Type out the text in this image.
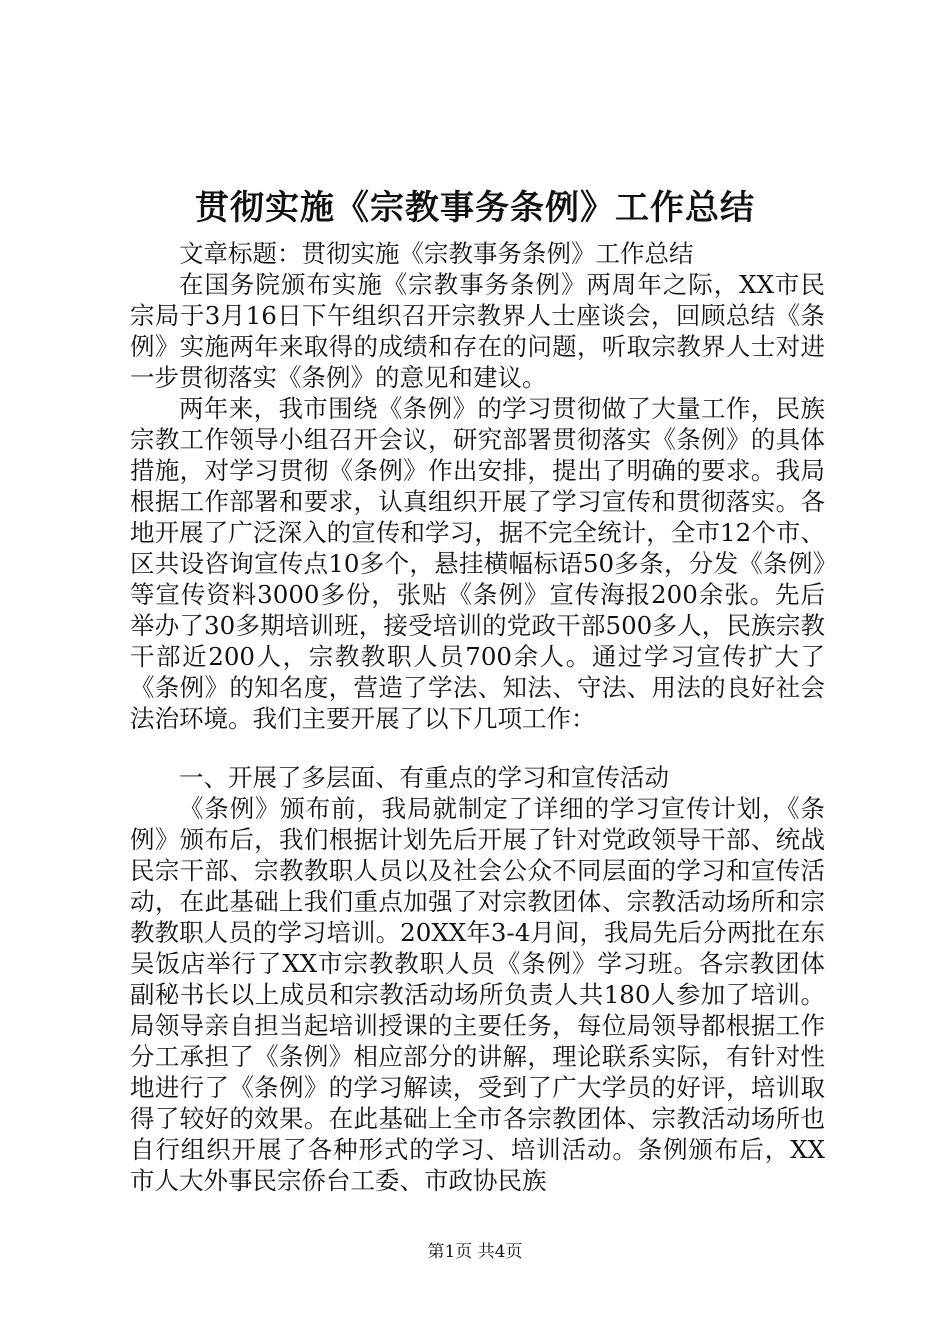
贯彻实施《宗教事务条例》工作总结

文章标题：贯彻实施《宗教事务条例》工作总结

在国务院颁布实施《宗教事务条例》两周年之际，XX市民宗局于3月16日下午组织召开宗教界人士座谈会，回顾总结《条例》实施两年来取得的成绩和存在的问题，听取宗教界人士对进一步贯彻落实《条例》的意见和建议。

两年来，我市围绕《条例》的学习贯彻做了大量工作，民族宗教工作领导小组召开会议，研究部署贯彻落实《条例》的具体措施，对学习贯彻《条例》作出安排，提出了明确的要求。我局根据工作部署和要求，认真组织开展了学习宣传和贯彻落实。各地开展了广泛深入的宣传和学习，据不完全统计，全市12个市、区共设咨询宣传点10多个，悬挂横幅标语50多条，分发《条例》等宣传资料3000多份，张贴《条例》宣传海报200余张。先后举办了30多期培训班，接受培训的党政干部500多人，民族宗教干部近200人，宗教教职人员700余人。通过学习宣传扩大了《条例》的知名度，营造了学法、知法、守法、用法的良好社会法治环境。我们主要开展了以下几项工作：

一、开展了多层面、有重点的学习和宣传活动

《条例》颁布前，我局就制定了详细的学习宣传计划，《条例》颁布后，我们根据计划先后开展了针对党政领导干部、统战民宗干部、宗教教职人员以及社会公众不同层面的学习和宣传活动，在此基础上我们重点加强了对宗教团体、宗教活动场所和宗教教职人员的学习培训。20XX年3-4月间，我局先后分两批在东吴饭店举行了XX市宗教教职人员《条例》学习班。各宗教团体副秘书长以上成员和宗教活动场所负责人共180人参加了培训。局领导亲自担当起培训授课的主要任务，每位局领导都根据工作分工承担了《条例》相应部分的讲解，理论联系实际，有针对性地进行了《条例》的学习解读，受到了广大学员的好评，培训取得了较好的效果。在此基础上全市各宗教团体、宗教活动场所也自行组织开展了各种形式的学习、培训活动。条例颁布后，XX市人大外事民宗侨台工委、市政协民族

第1页 共4页
